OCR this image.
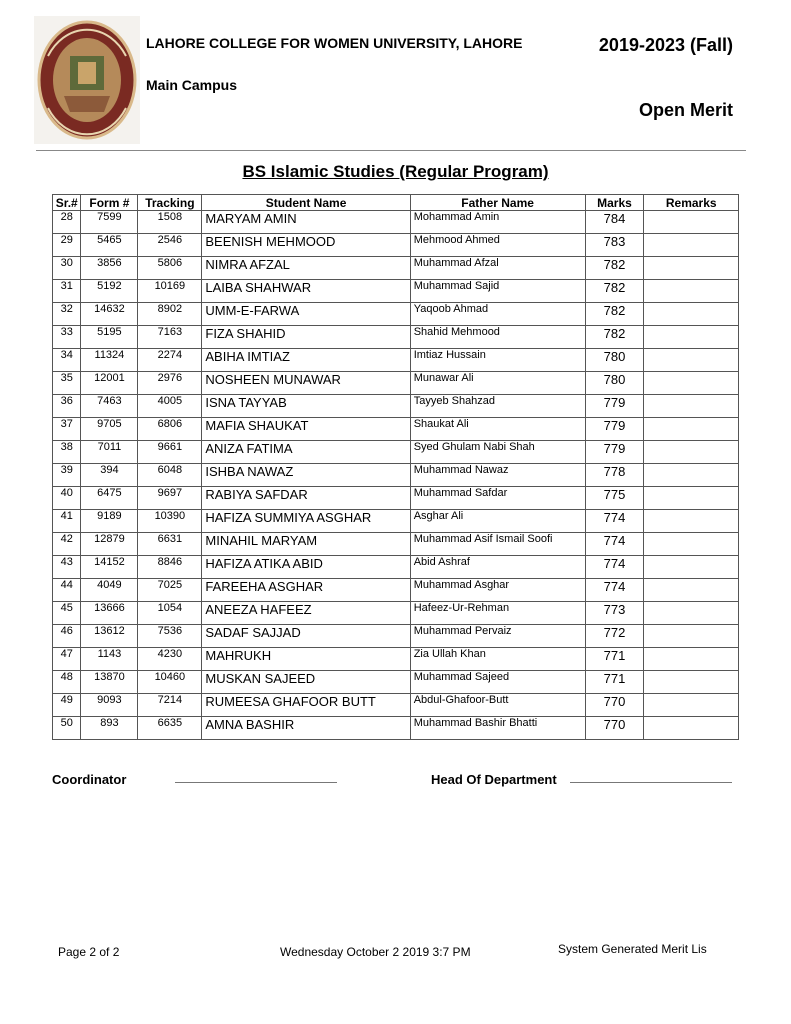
LAHORE COLLEGE FOR WOMEN UNIVERSITY, LAHORE	2019-2023 (Fall)
Main Campus
Open Merit
BS Islamic Studies (Regular Program)
Sr.#	Form #	Tracking	Student Name	Father Name	Marks	Remarks
28	7599	1508	MARYAM AMIN	Mohammad Amin	784	
29	5465	2546	BEENISH MEHMOOD	Mehmood Ahmed	783	
30	3856	5806	NIMRA AFZAL	Muhammad Afzal	782	
31	5192	10169	LAIBA SHAHWAR	Muhammad Sajid	782	
32	14632	8902	UMM-E-FARWA	Yaqoob Ahmad	782	
33	5195	7163	FIZA SHAHID	Shahid Mehmood	782	
34	11324	2274	ABIHA IMTIAZ	Imtiaz Hussain	780	
35	12001	2976	NOSHEEN MUNAWAR	Munawar Ali	780	
36	7463	4005	ISNA TAYYAB	Tayyeb Shahzad	779	
37	9705	6806	MAFIA SHAUKAT	Shaukat Ali	779	
38	7011	9661	ANIZA FATIMA	Syed Ghulam Nabi Shah	779	
39	394	6048	ISHBA NAWAZ	Muhammad Nawaz	778	
40	6475	9697	RABIYA SAFDAR	Muhammad Safdar	775	
41	9189	10390	HAFIZA SUMMIYA ASGHAR	Asghar Ali	774	
42	12879	6631	MINAHIL MARYAM	Muhammad Asif Ismail Soofi	774	
43	14152	8846	HAFIZA ATIKA ABID	Abid Ashraf	774	
44	4049	7025	FAREEHA ASGHAR	Muhammad Asghar	774	
45	13666	1054	ANEEZA HAFEEZ	Hafeez-Ur-Rehman	773	
46	13612	7536	SADAF SAJJAD	Muhammad Pervaiz	772	
47	1143	4230	MAHRUKH	Zia Ullah Khan	771	
48	13870	10460	MUSKAN SAJEED	Muhammad Sajeed	771	
49	9093	7214	RUMEESA GHAFOOR BUTT	Abdul-Ghafoor-Butt	770	
50	893	6635	AMNA BASHIR	Muhammad Bashir Bhatti	770	
Coordinator	Head Of Department
Page 2 of 2	Wednesday October 2 2019 3:7 PM	System Generated Merit Lis
